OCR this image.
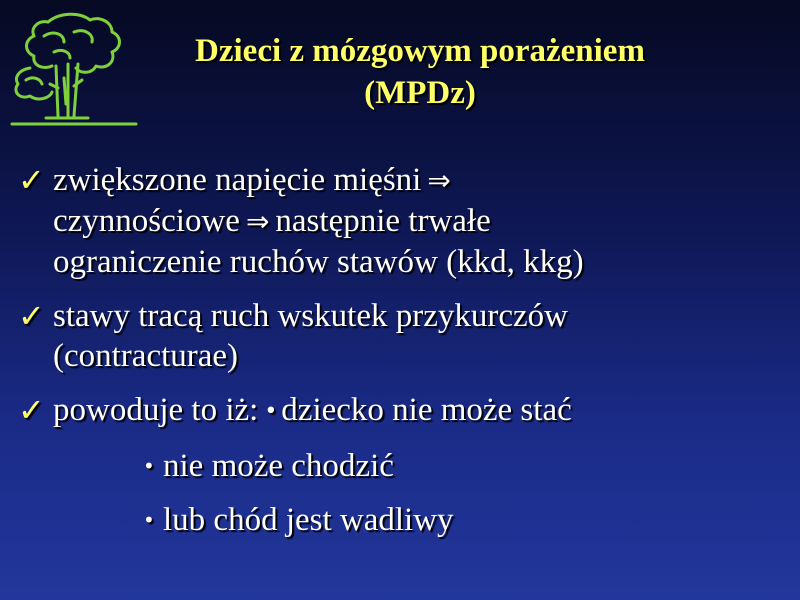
Dzieci z mózgowym porażeniem
(MPDz)
✓ zwiększone napięcie mięśni ⇒
czynnościowe ⇒ następnie trwałe
ograniczenie ruchów stawów (kkd, kkg)
✓ stawy tracą ruch wskutek przykurczów
(contracturae)
✓ powoduje to iż: • dziecko nie może stać
• nie może chodzić
• lub chód jest wadliwy
